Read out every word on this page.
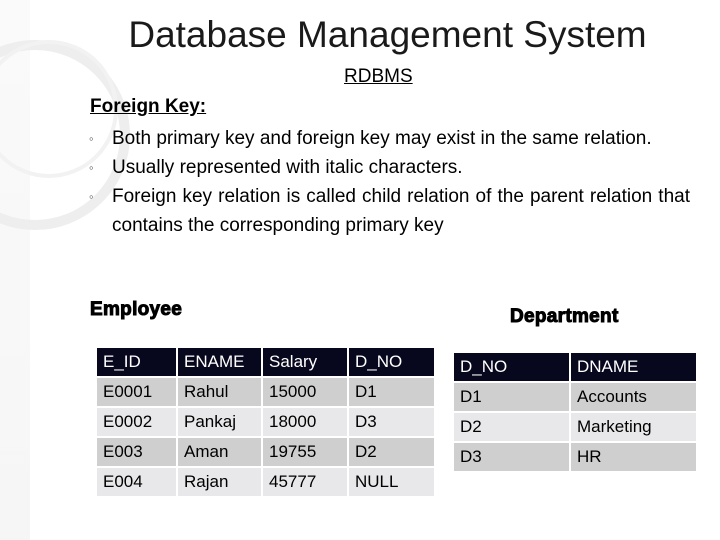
Database Management System
RDBMS
Foreign Key:
◦ Both primary key and foreign key may exist in the same relation.
◦ Usually represented with italic characters.
◦ Foreign key relation is called child relation of the parent relation that contains the corresponding primary key
Employee	Department
E_ID	ENAME	Salary	D_NO
E0001	Rahul	15000	D1
E0002	Pankaj	18000	D3
E003	Aman	19755	D2
E004	Rajan	45777	NULL
D_NO	DNAME
D1	Accounts
D2	Marketing
D3	HR
